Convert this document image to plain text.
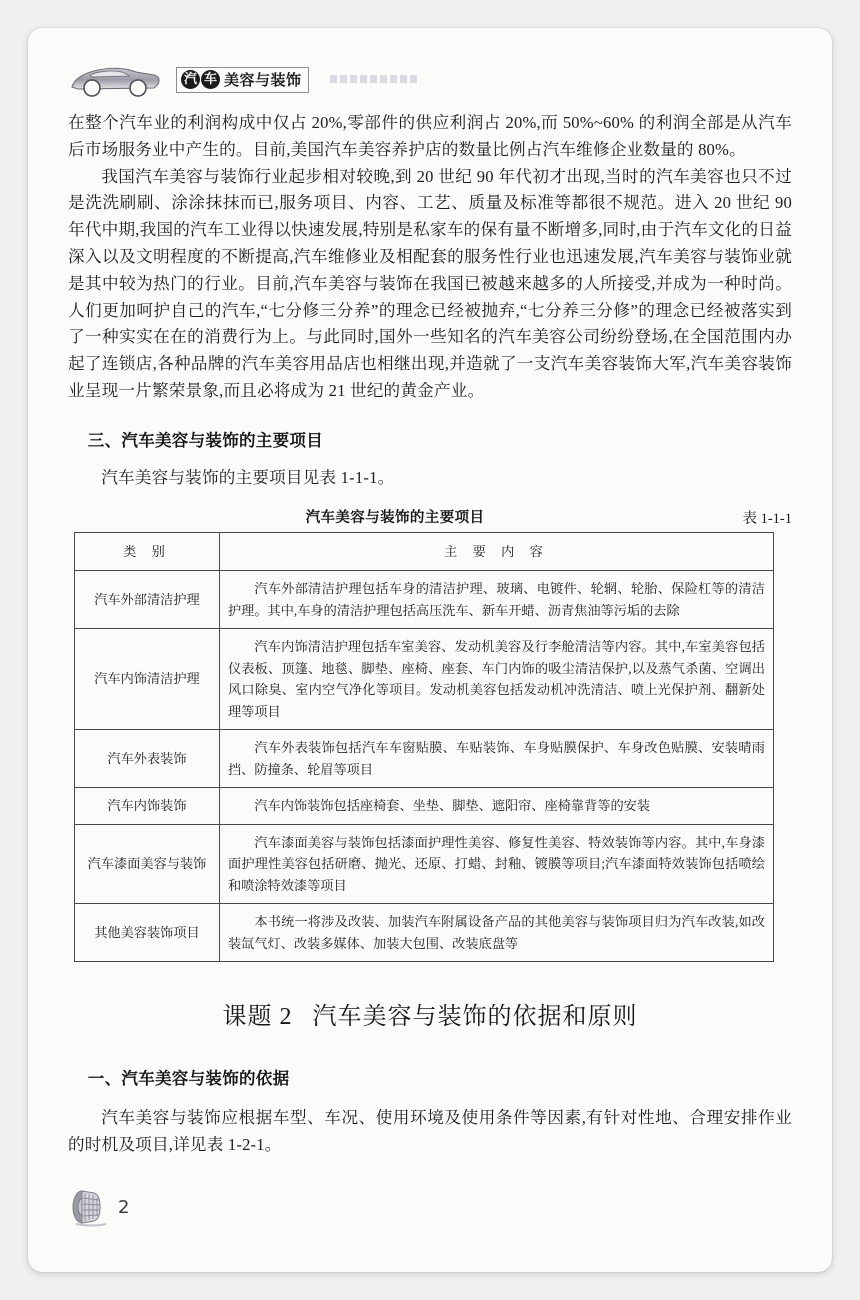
汽 车 美容与装饰

在整个汽车业的利润构成中仅占 20%,零部件的供应利润占 20%,而 50%~60% 的利润全部是从汽车后市场服务业中产生的。目前,美国汽车美容养护店的数量比例占汽车维修企业数量的 80%。

我国汽车美容与装饰行业起步相对较晚,到 20 世纪 90 年代初才出现,当时的汽车美容也只不过是洗洗刷刷、涂涂抹抹而已,服务项目、内容、工艺、质量及标准等都很不规范。进入 20 世纪 90 年代中期,我国的汽车工业得以快速发展,特别是私家车的保有量不断增多,同时,由于汽车文化的日益深入以及文明程度的不断提高,汽车维修业及相配套的服务性行业也迅速发展,汽车美容与装饰业就是其中较为热门的行业。目前,汽车美容与装饰在我国已被越来越多的人所接受,并成为一种时尚。人们更加呵护自己的汽车,“七分修三分养”的理念已经被抛弃,“七分养三分修”的理念已经被落实到了一种实实在在的消费行为上。与此同时,国外一些知名的汽车美容公司纷纷登场,在全国范围内办起了连锁店,各种品牌的汽车美容用品店也相继出现,并造就了一支汽车美容装饰大军,汽车美容装饰业呈现一片繁荣景象,而且必将成为 21 世纪的黄金产业。

三、汽车美容与装饰的主要项目

汽车美容与装饰的主要项目见表 1-1-1。

汽车美容与装饰的主要项目	表 1-1-1
类 别	主 要 内 容
汽车外部清洁护理	汽车外部清洁护理包括车身的清洁护理、玻璃、电镀件、轮辋、轮胎、保险杠等的清洁护理。其中,车身的清洁护理包括高压洗车、新车开蜡、沥青焦油等污垢的去除
汽车内饰清洁护理	汽车内饰清洁护理包括车室美容、发动机美容及行李舱清洁等内容。其中,车室美容包括仪表板、顶篷、地毯、脚垫、座椅、座套、车门内饰的吸尘清洁保护,以及蒸气杀菌、空调出风口除臭、室内空气净化等项目。发动机美容包括发动机冲洗清洁、喷上光保护剂、翻新处理等项目
汽车外表装饰	汽车外表装饰包括汽车车窗贴膜、车贴装饰、车身贴膜保护、车身改色贴膜、安装晴雨挡、防撞条、轮眉等项目
汽车内饰装饰	汽车内饰装饰包括座椅套、坐垫、脚垫、遮阳帘、座椅靠背等的安装
汽车漆面美容与装饰	汽车漆面美容与装饰包括漆面护理性美容、修复性美容、特效装饰等内容。其中,车身漆面护理性美容包括研磨、抛光、还原、打蜡、封釉、镀膜等项目;汽车漆面特效装饰包括喷绘和喷涂特效漆等项目
其他美容装饰项目	本书统一将涉及改装、加装汽车附属设备产品的其他美容与装饰项目归为汽车改装,如改装氙气灯、改装多媒体、加装大包围、改装底盘等
课题 2 汽车美容与装饰的依据和原则
一、汽车美容与装饰的依据

汽车美容与装饰应根据车型、车况、使用环境及使用条件等因素,有针对性地、合理安排作业的时机及项目,详见表 1-2-1。

2
